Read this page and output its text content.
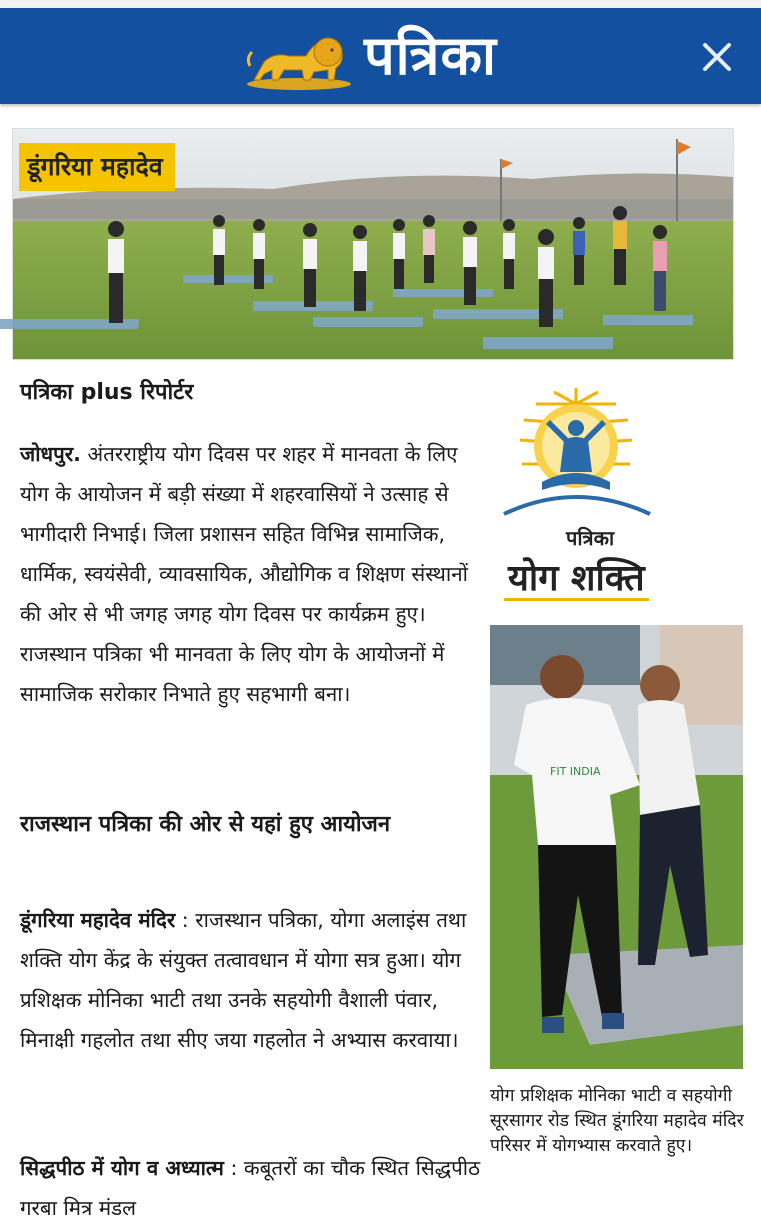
पत्रिका
डूंगरिया महादेव
पत्रिका plus रिपोर्टर
जोधपुर. अंतरराष्ट्रीय योग दिवस पर शहर में मानवता के लिए योग के आयोजन में बड़ी संख्या में शहरवासियों ने उत्साह से भागीदारी निभाई। जिला प्रशासन सहित विभिन्न सामाजिक, धार्मिक, स्वयंसेवी, व्यावसायिक, औद्योगिक व शिक्षण संस्थानों की ओर से भी जगह जगह योग दिवस पर कार्यक्रम हुए। राजस्थान पत्रिका भी मानवता के लिए योग के आयोजनों में सामाजिक सरोकार निभाते हुए सहभागी बना।
राजस्थान पत्रिका की ओर से यहां हुए आयोजन
डूंगरिया महादेव मंदिर : राजस्थान पत्रिका, योगा अलाइंस तथा शक्ति योग केंद्र के संयुक्त तत्वावधान में योगा सत्र हुआ। योग प्रशिक्षक मोनिका भाटी तथा उनके सहयोगी वैशाली पंवार, मिनाक्षी गहलोत तथा सीए जया गहलोत ने अभ्यास करवाया।
सिद्धपीठ में योग व अध्यात्म : कबूतरों का चौक स्थित सिद्धपीठ गरबा मित्र मंडल
पत्रिका
योग शक्ति
FIT INDIA
योग प्रशिक्षक मोनिका भाटी व सहयोगी सूरसागर रोड स्थित डूंगरिया महादेव मंदिर परिसर में योगभ्यास करवाते हुए।
